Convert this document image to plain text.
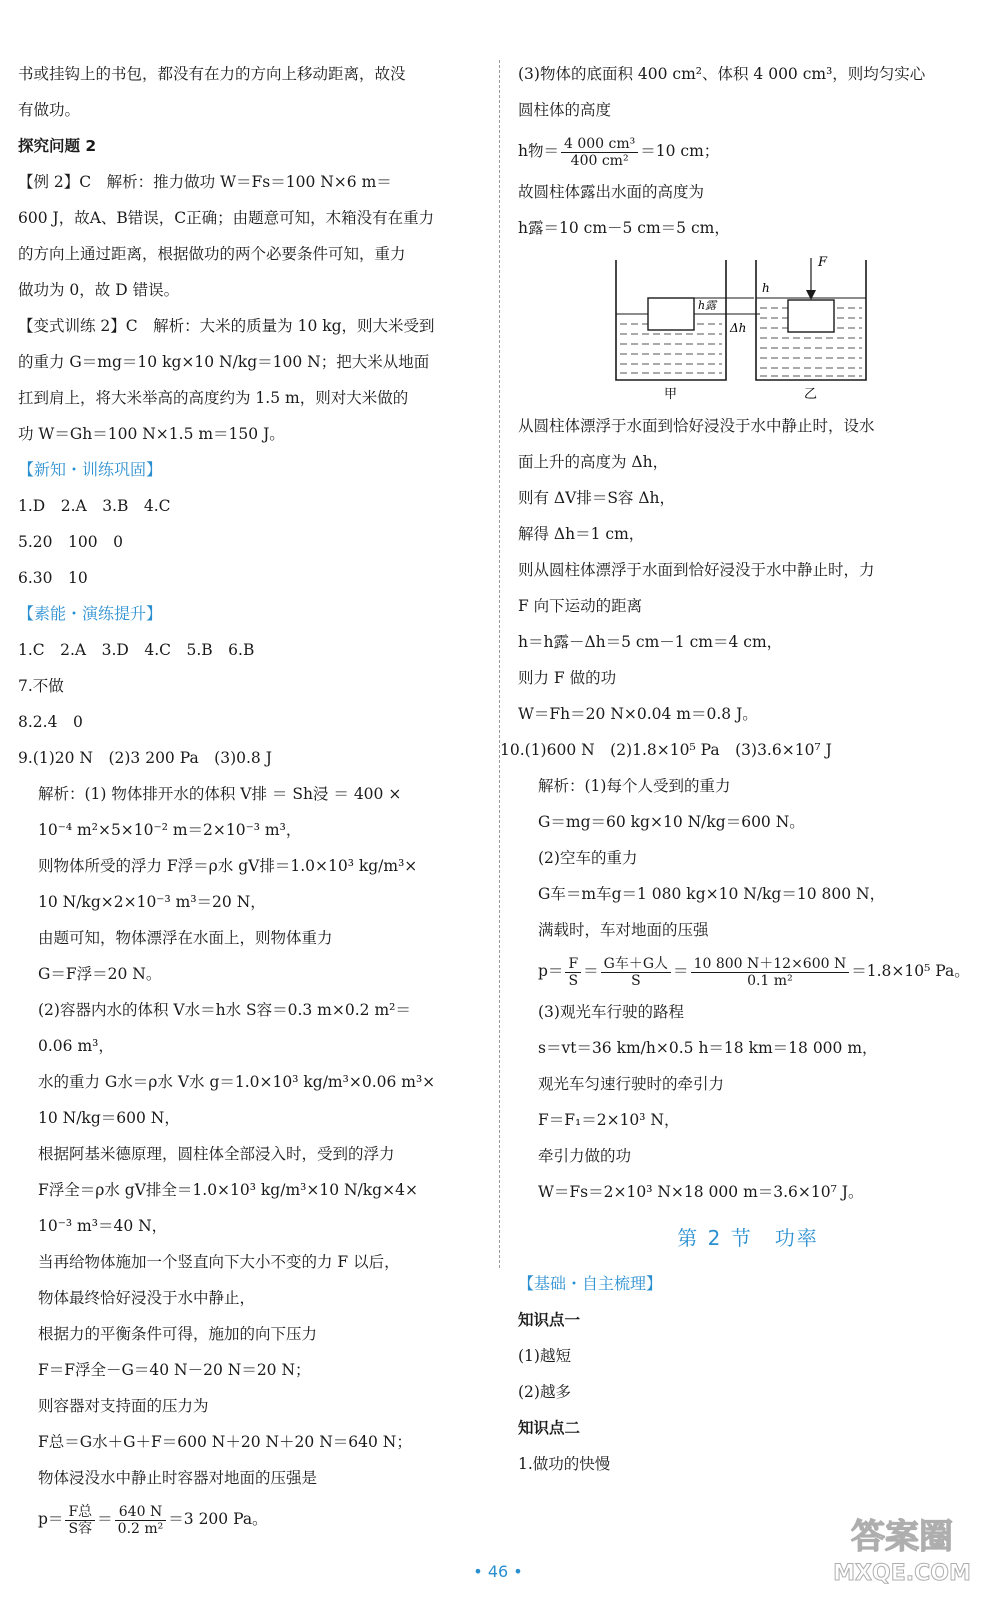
书或挂钩上的书包，都没有在力的方向上移动距离，故没
有做功。
探究问题 2
【例 2】C　解析：推力做功 W＝Fs＝100 N×6 m＝
600 J，故A、B错误，C正确；由题意可知，木箱没有在重力
的方向上通过距离，根据做功的两个必要条件可知，重力
做功为 0，故 D 错误。
【变式训练 2】C　解析：大米的质量为 10 kg，则大米受到
的重力 G＝mg＝10 kg×10 N/kg＝100 N；把大米从地面
扛到肩上，将大米举高的高度约为 1.5 m，则对大米做的
功 W＝Gh＝100 N×1.5 m＝150 J。
【新知・训练巩固】
1.D　2.A　3.B　4.C
5.20　100　0
6.30　10
【素能・演练提升】
1.C　2.A　3.D　4.C　5.B　6.B
7.不做
8.2.4　0
9.(1)20 N　(2)3 200 Pa　(3)0.8 J
解析：(1) 物体排开水的体积 V排 ＝ Sh浸 ＝ 400 ×
10⁻⁴ m²×5×10⁻² m＝2×10⁻³ m³，
则物体所受的浮力 F浮＝ρ水 gV排＝1.0×10³ kg/m³×
10 N/kg×2×10⁻³ m³＝20 N，
由题可知，物体漂浮在水面上，则物体重力
G＝F浮＝20 N。
(2)容器内水的体积 V水＝h水 S容＝0.3 m×0.2 m²＝
0.06 m³，
水的重力 G水＝ρ水 V水 g＝1.0×10³ kg/m³×0.06 m³×
10 N/kg＝600 N，
根据阿基米德原理，圆柱体全部浸入时，受到的浮力
F浮全＝ρ水 gV排全＝1.0×10³ kg/m³×10 N/kg×4×
10⁻³ m³＝40 N，
当再给物体施加一个竖直向下大小不变的力 F 以后，
物体最终恰好浸没于水中静止，
根据力的平衡条件可得，施加的向下压力
F＝F浮全－G＝40 N－20 N＝20 N；
则容器对支持面的压力为
F总＝G水＋G＋F＝600 N＋20 N＋20 N＝640 N；
物体浸没水中静止时容器对地面的压强是
p＝ F总
S容
＝ $\frac{640 N}{\text{0.2 m²}} =3$ 200 Pa。
(3)物体的底面积 400 cm²、体积 4 000 cm³，则均匀实心
圆柱体的高度
h物＝ $\frac{\text{4 000 cm³}}{\text{400 cm²}} =10$ cm；
故圆柱体露出水面的高度为
h露＝10 cm－5 cm＝5 cm，
h露
Δh
甲
F
h
乙
从圆柱体漂浮于水面到恰好浸没于水中静止时，设水
面上升的高度为 Δh，
则有 ΔV排＝S容 Δh，
解得 Δh＝1 cm，
则从圆柱体漂浮于水面到恰好浸没于水中静止时，力
F 向下运动的距离
h＝h露－Δh＝5 cm－1 cm＝4 cm，
则力 F 做的功
W＝Fh＝20 N×0.04 m＝0.8 J。
10.(1)600 N　(2)1.8×10⁵ Pa　(3)3.6×10⁷ J
解析：(1)每个人受到的重力
G＝mg＝60 kg×10 N/kg＝600 N。
(2)空车的重力
G车＝m车g＝1 080 kg×10 N/kg＝10 800 N，
满载时，车对地面的压强
$p= \frac{F}{S} = G$车＋G人
S
＝ $\frac{10 800 N+12\times 600 N}{\text{0.1 m²}} =1.8\times 10^5$ Pa。
(3)观光车行驶的路程
s＝vt＝36 km/h×0.5 h＝18 km＝18 000 m，
观光车匀速行驶时的牵引力
F＝F₁＝2×10³ N，
牵引力做的功
W＝Fs＝2×10³ N×18 000 m＝3.6×10⁷ J。
第 2 节　功率
【基础・自主梳理】
知识点一
(1)越短
(2)越多
知识点二
1.做功的快慢
• 46 •
答案圈
MXQE.COM
